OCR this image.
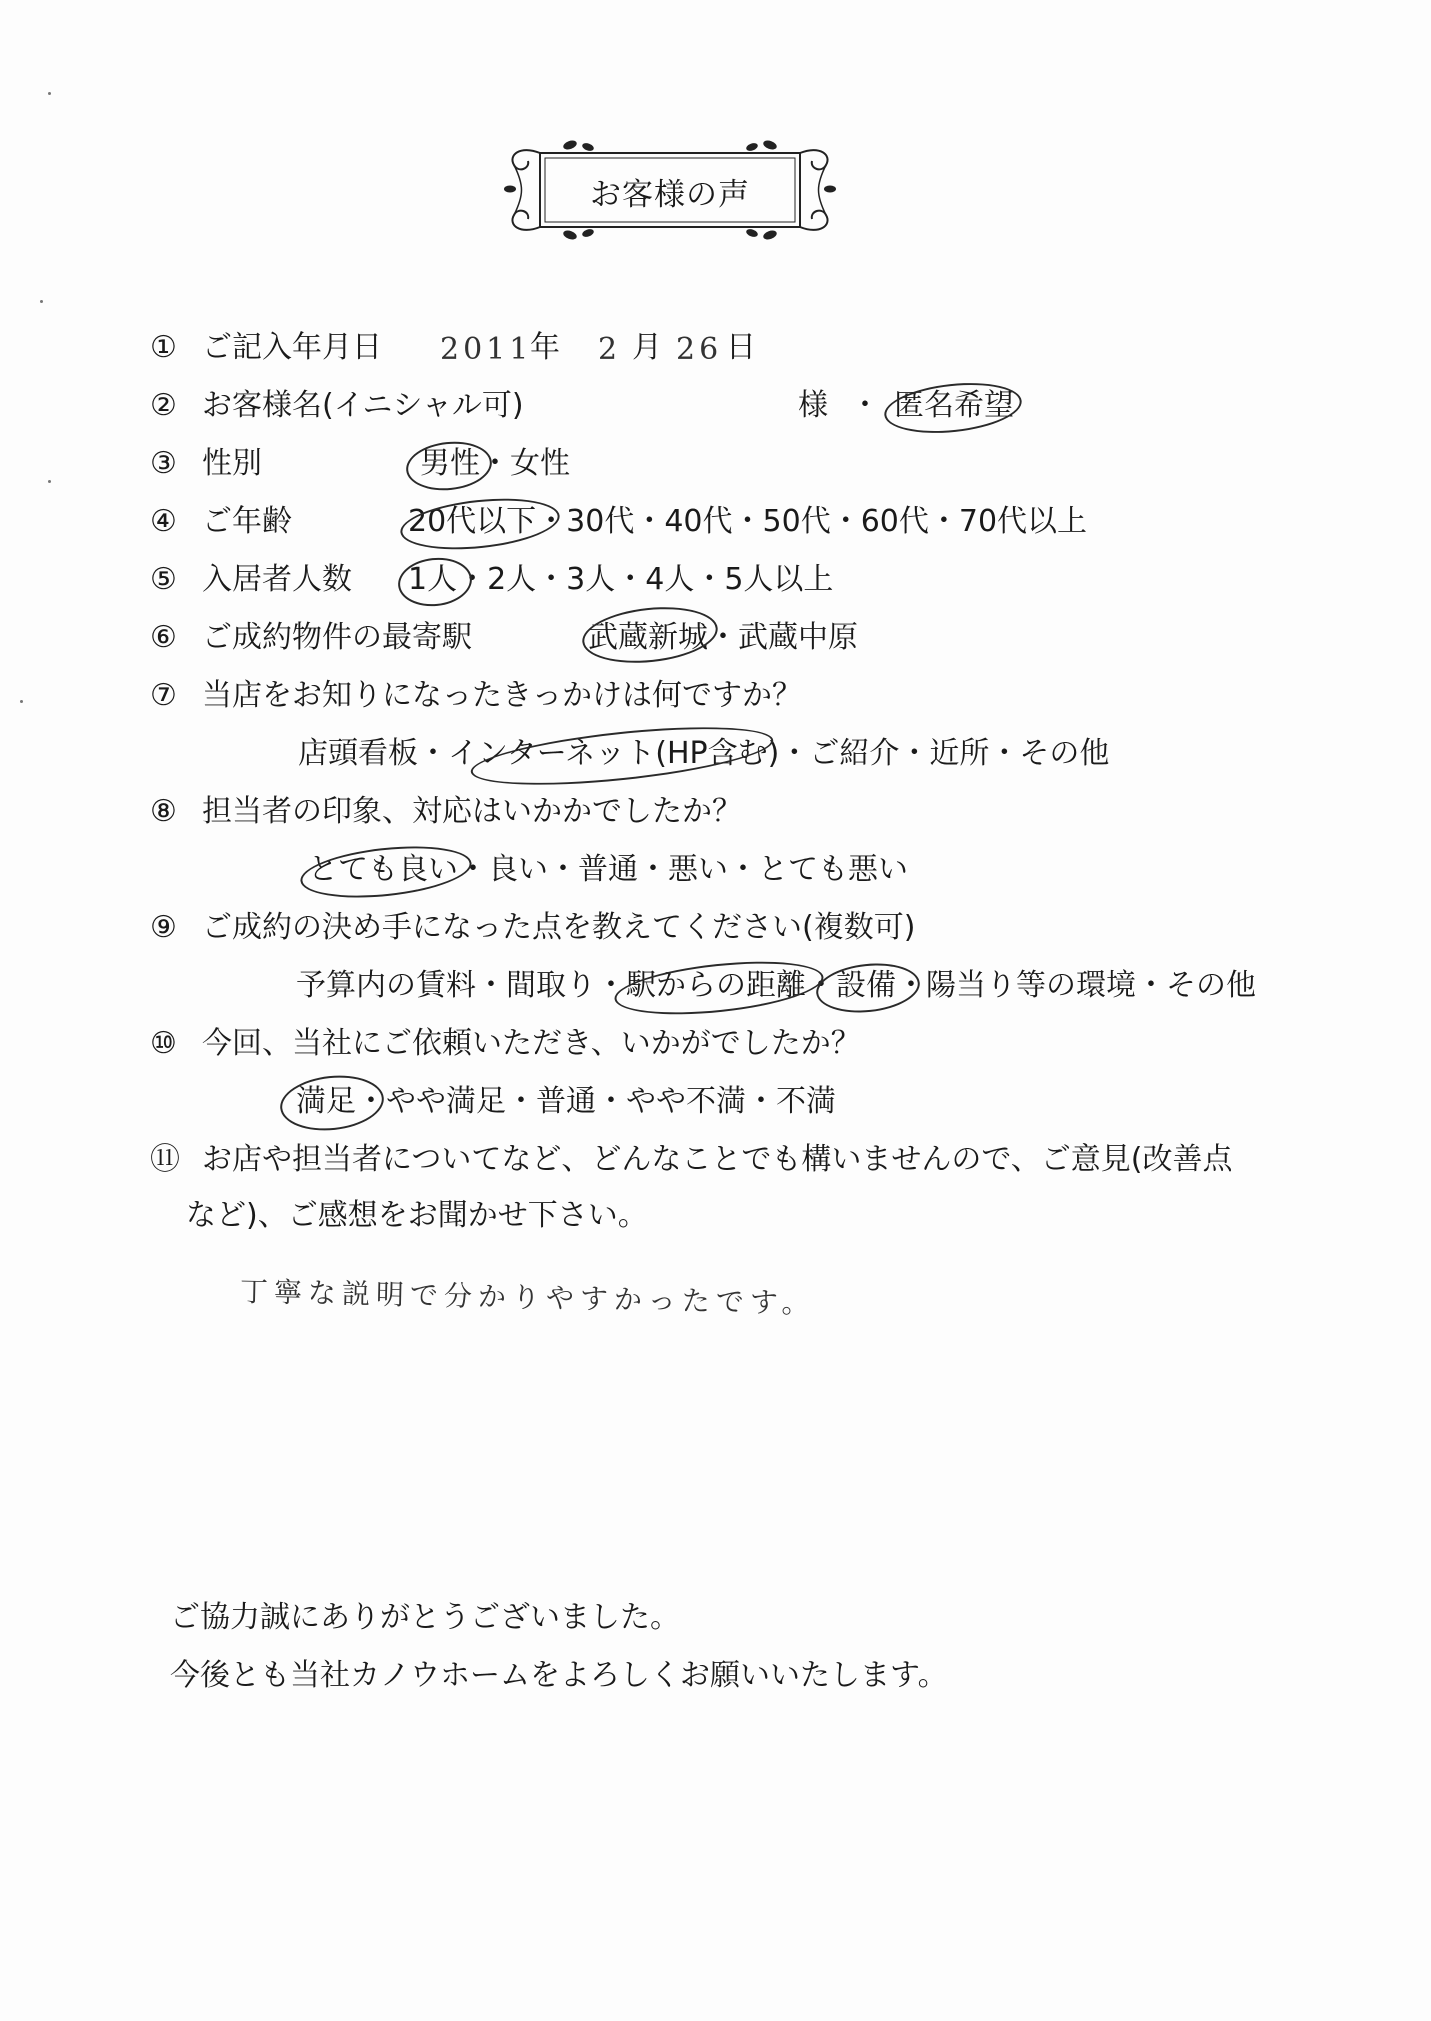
お客様の声
① ご記入年月日 2011
年 2 月 26 日
② お客様名(イニシャル可)	様 ・ 匿名希望
③ 性別	男性・女性
④ ご年齢	20代以下・30代・40代・50代・60代・70代以上
⑤ 入居者人数 1人・2人・3人・4人・5人以上
⑥ ご成約物件の最寄駅	武蔵新城・武蔵中原
⑦ 当店をお知りになったきっかけは何ですか？
店頭看板・インターネット(HP含む)・ご紹介・近所・その他
⑧ 担当者の印象、対応はいかかでしたか？
とても良い・良い・普通・悪い・とても悪い
⑨ ご成約の決め手になった点を教えてください(複数可)
予算内の賃料・間取り・駅からの距離・設備・陽当り等の環境・その他
⑩ 今回、当社にご依頼いただき、いかがでしたか？
満足・やや満足・普通・やや不満・不満
⑪ お店や担当者についてなど、どんなことでも構いませんので、ご意見(改善点
など)、ご感想をお聞かせ下さい。
丁寧な説明で分かりやすかったです。
ご協力誠にありがとうございました。
今後とも当社カノウホームをよろしくお願いいたします。
